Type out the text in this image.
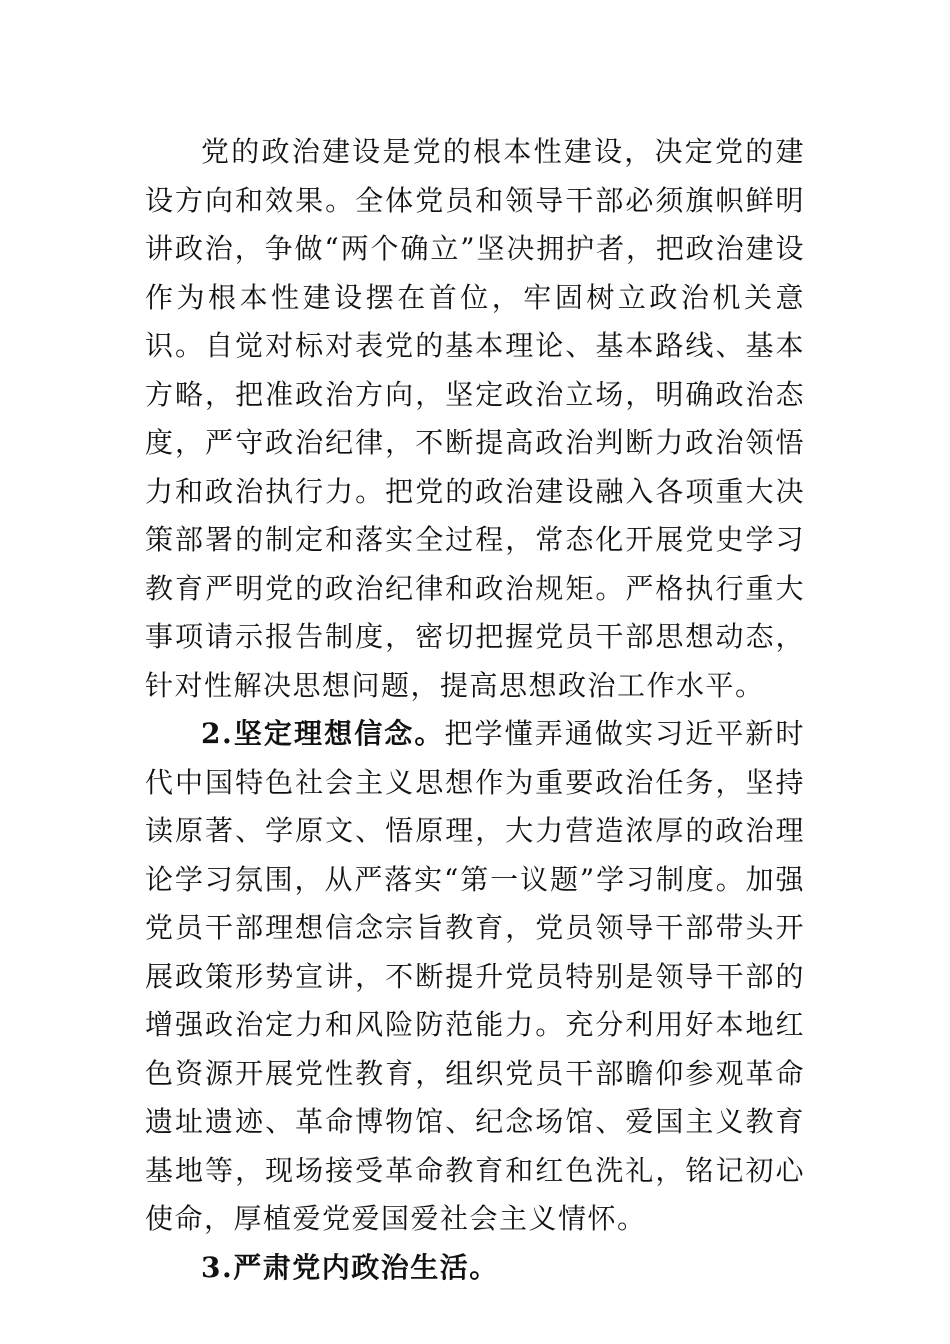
党的政治建设是党的根本性建设，决定党的建设方向和效果。全体党员和领导干部必须旗帜鲜明讲政治，争做“两个确立”坚决拥护者，把政治建设作为根本性建设摆在首位，牢固树立政治机关意识。自觉对标对表党的基本理论、基本路线、基本方略，把准政治方向，坚定政治立场，明确政治态度，严守政治纪律，不断提高政治判断力政治领悟力和政治执行力。把党的政治建设融入各项重大决策部署的制定和落实全过程，常态化开展党史学习教育严明党的政治纪律和政治规矩。严格执行重大事项请示报告制度，密切把握党员干部思想动态，针对性解决思想问题，提高思想政治工作水平。

2.坚定理想信念。把学懂弄通做实习近平新时代中国特色社会主义思想作为重要政治任务，坚持读原著、学原文、悟原理，大力营造浓厚的政治理论学习氛围，从严落实“第一议题”学习制度。加强党员干部理想信念宗旨教育，党员领导干部带头开展政策形势宣讲，不断提升党员特别是领导干部的增强政治定力和风险防范能力。充分利用好本地红色资源开展党性教育，组织党员干部瞻仰参观革命遗址遗迹、革命博物馆、纪念场馆、爱国主义教育基地等，现场接受革命教育和红色洗礼，铭记初心使命，厚植爱党爱国爱社会主义情怀。

3.严肃党内政治生活。
